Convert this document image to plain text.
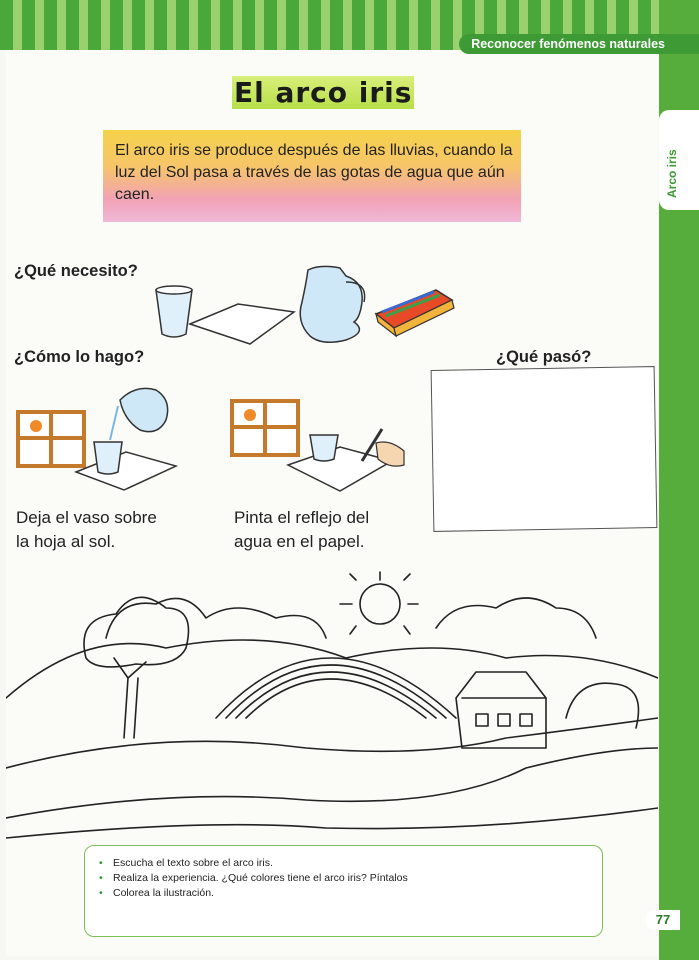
Reconocer fenómenos naturales
Arco iris
El arco iris

El arco iris se produce después de las lluvias, cuando la luz del Sol pasa a través de las gotas de agua que aún caen.

¿Qué necesito?
¿Cómo lo hago?	¿Qué pasó?
Deja el vaso sobre
la hoja al sol.
Pinta el reflejo del
agua en el papel.
• Escucha el texto sobre el arco iris.
• Realiza la experiencia. ¿Qué colores tiene el arco iris? Píntalos
• Colorea la ilustración.
77
